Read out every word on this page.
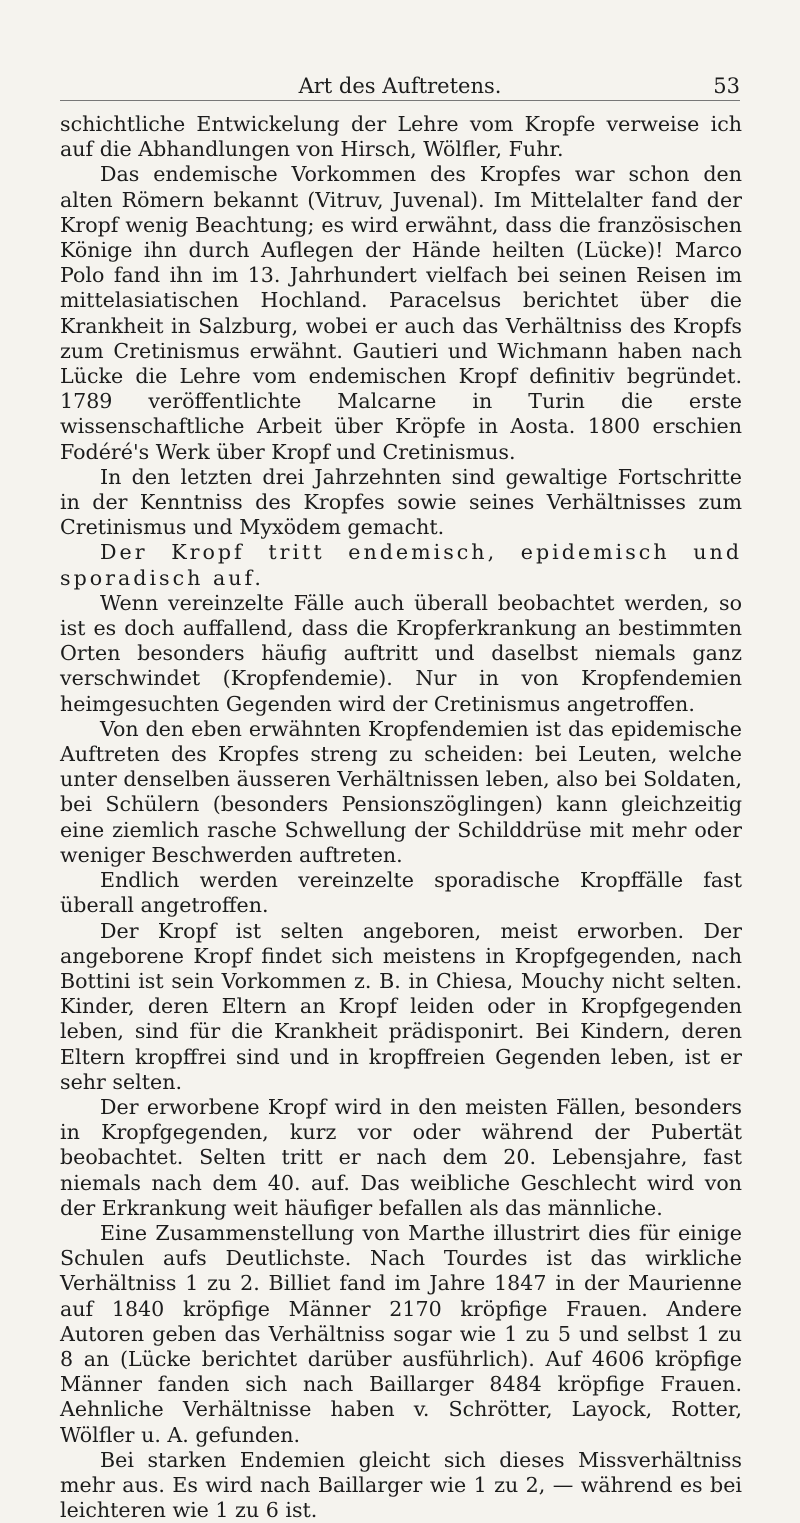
Art des Auftretens.	53

schichtliche Entwickelung der Lehre vom Kropfe verweise ich auf die Abhandlungen von Hirsch, Wölfler, Fuhr.

Das endemische Vorkommen des Kropfes war schon den alten Römern bekannt (Vitruv, Juvenal). Im Mittelalter fand der Kropf wenig Beachtung; es wird erwähnt, dass die französischen Könige ihn durch Auflegen der Hände heilten (Lücke)! Marco Polo fand ihn im 13. Jahrhundert vielfach bei seinen Reisen im mittelasiatischen Hochland. Paracelsus berichtet über die Krankheit in Salzburg, wobei er auch das Verhältniss des Kropfs zum Cretinismus erwähnt. Gautieri und Wichmann haben nach Lücke die Lehre vom endemischen Kropf definitiv begründet. 1789 veröffentlichte Malcarne in Turin die erste wissenschaftliche Arbeit über Kröpfe in Aosta. 1800 erschien Fodéré's Werk über Kropf und Cretinismus.

In den letzten drei Jahrzehnten sind gewaltige Fortschritte in der Kenntniss des Kropfes sowie seines Verhältnisses zum Cretinismus und Myxödem gemacht.

Der Kropf tritt endemisch, epidemisch und sporadisch auf.

Wenn vereinzelte Fälle auch überall beobachtet werden, so ist es doch auffallend, dass die Kropferkrankung an bestimmten Orten besonders häufig auftritt und daselbst niemals ganz verschwindet (Kropfendemie). Nur in von Kropfendemien heimgesuchten Gegenden wird der Cretinismus angetroffen.

Von den eben erwähnten Kropfendemien ist das epidemische Auftreten des Kropfes streng zu scheiden: bei Leuten, welche unter denselben äusseren Verhältnissen leben, also bei Soldaten, bei Schülern (besonders Pensionszöglingen) kann gleichzeitig eine ziemlich rasche Schwellung der Schilddrüse mit mehr oder weniger Beschwerden auftreten.

Endlich werden vereinzelte sporadische Kropffälle fast überall angetroffen.

Der Kropf ist selten angeboren, meist erworben. Der angeborene Kropf findet sich meistens in Kropfgegenden, nach Bottini ist sein Vorkommen z. B. in Chiesa, Mouchy nicht selten. Kinder, deren Eltern an Kropf leiden oder in Kropfgegenden leben, sind für die Krankheit prädisponirt. Bei Kindern, deren Eltern kropffrei sind und in kropffreien Gegenden leben, ist er sehr selten.

Der erworbene Kropf wird in den meisten Fällen, besonders in Kropfgegenden, kurz vor oder während der Pubertät beobachtet. Selten tritt er nach dem 20. Lebensjahre, fast niemals nach dem 40. auf. Das weibliche Geschlecht wird von der Erkrankung weit häufiger befallen als das männliche.

Eine Zusammenstellung von Marthe illustrirt dies für einige Schulen aufs Deutlichste. Nach Tourdes ist das wirkliche Verhältniss 1 zu 2. Billiet fand im Jahre 1847 in der Maurienne auf 1840 kröpfige Männer 2170 kröpfige Frauen. Andere Autoren geben das Verhältniss sogar wie 1 zu 5 und selbst 1 zu 8 an (Lücke berichtet darüber ausführlich). Auf 4606 kröpfige Männer fanden sich nach Baillarger 8484 kröpfige Frauen. Aehnliche Verhältnisse haben v. Schrötter, Layock, Rotter, Wölfler u. A. gefunden.

Bei starken Endemien gleicht sich dieses Missverhältniss mehr aus. Es wird nach Baillarger wie 1 zu 2, — während es bei leichteren wie 1 zu 6 ist.
